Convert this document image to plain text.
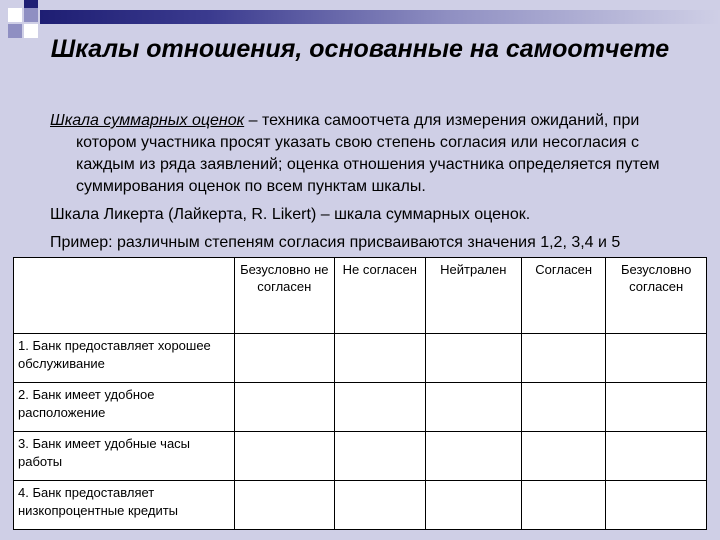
Шкалы отношения, основанные на самоотчете

Шкала суммарных оценок – техника самоотчета для измерения ожиданий, при котором участника просят указать свою степень согласия или несогласия с каждым из ряда заявлений; оценка отношения участника определяется путем суммирования оценок по всем пунктам шкалы.

Шкала Ликерта (Лайкерта, R. Likert) – шкала суммарных оценок.

Пример: различным степеням согласия присваиваются значения 1,2, 3,4 и 5

	Безусловно не согласен	Не согласен	Нейтрален	Согласен	Безусловно согласен
1. Банк предоставляет хорошее обслуживание					
2. Банк имеет удобное расположение					
3. Банк имеет удобные часы работы					
4. Банк предоставляет низкопроцентные кредиты					
